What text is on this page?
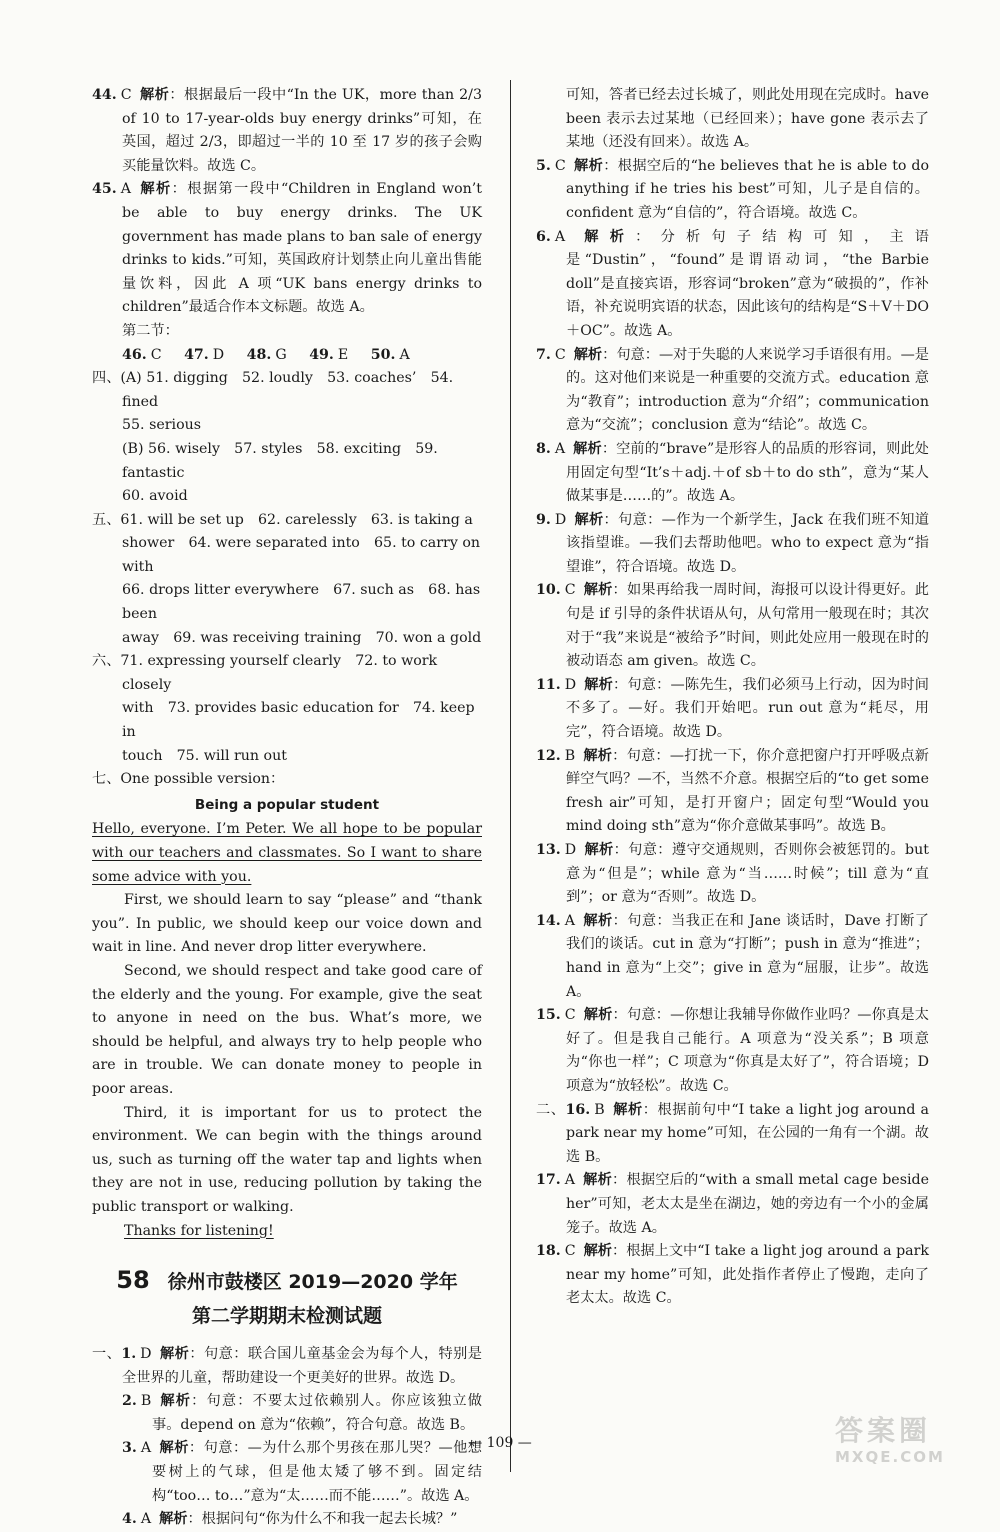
44. C 解析：根据最后一段中“In the UK，more than 2/3 of 10 to 17-year-olds buy energy drinks”可知，在英国，超过 2/3，即超过一半的 10 至 17 岁的孩子会购买能量饮料。故选 C。
45. A 解析：根据第一段中“Children in England won’t be able to buy energy drinks. The UK government has made plans to ban sale of energy drinks to kids.”可知，英国政府计划禁止向儿童出售能量饮料，因此 A 项“UK bans energy drinks to children”最适合作本文标题。故选 A。
第二节：
46. C 47. D 48. G 49. E 50. A
四、(A) 51. digging　52. loudly　53. coaches’　54. fined
55. serious
(B) 56. wisely　57. styles　58. exciting　59. fantastic
60. avoid
五、61. will be set up　62. carelessly　63. is taking a
shower　64. were separated into　65. to carry on with
66. drops litter everywhere　67. such as　68. has been
away　69. was receiving training　70. won a gold
六、71. expressing yourself clearly　72. to work closely
with　73. provides basic education for　74. keep in
touch　75. will run out
七、One possible version：
Being a popular student
Hello, everyone. I’m Peter. We all hope to be popular with our teachers and classmates. So I want to share some advice with you.
First, we should learn to say “please” and “thank you”. In public, we should keep our voice down and wait in line. And never drop litter everywhere.
Second, we should respect and take good care of the elderly and the young. For example, give the seat to anyone in need on the bus. What’s more, we should be helpful, and always try to help people who are in trouble. We can donate money to people in poor areas.
Third, it is important for us to protect the environment. We can begin with the things around us, such as turning off the water tap and lights when they are not in use, reducing pollution by taking the public transport or walking.
Thanks for listening!
58 徐州市鼓楼区 2019—2020 学年
第二学期期末检测试题
一、1. D 解析：句意：联合国儿童基金会为每个人，特别是全世界的儿童，帮助建设一个更美好的世界。故选 D。
2. B 解析：句意：不要太过依赖别人。你应该独立做事。depend on 意为“依赖”，符合句意。故选 B。
3. A 解析：句意：—为什么那个男孩在那儿哭？—他想要树上的气球，但是他太矮了够不到。固定结构“too… to…”意为“太……而不能……”。故选 A。
4. A 解析：根据问句“你为什么不和我一起去长城？”
可知，答者已经去过长城了，则此处用现在完成时。have been 表示去过某地（已经回来）；have gone 表示去了某地（还没有回来）。故选 A。
5. C 解析：根据空后的“he believes that he is able to do anything if he tries his best”可知，儿子是自信的。confident 意为“自信的”，符合语境。故选 C。
6. A 解析：分析句子结构可知，主语是“Dustin”，“found”是谓语动词，“the Barbie doll”是直接宾语，形容词“broken”意为“破损的”，作补语，补充说明宾语的状态，因此该句的结构是“S＋V＋DO＋OC”。故选 A。
7. C 解析：句意：—对于失聪的人来说学习手语很有用。—是的。这对他们来说是一种重要的交流方式。education 意为“教育”；introduction 意为“介绍”；communication 意为“交流”；conclusion 意为“结论”。故选 C。
8. A 解析：空前的“brave”是形容人的品质的形容词，则此处用固定句型“It’s＋adj.＋of sb＋to do sth”，意为“某人做某事是……的”。故选 A。
9. D 解析：句意：—作为一个新学生，Jack 在我们班不知道该指望谁。—我们去帮助他吧。who to expect 意为“指望谁”，符合语境。故选 D。
10. C 解析：如果再给我一周时间，海报可以设计得更好。此句是 if 引导的条件状语从句，从句常用一般现在时；其次对于“我”来说是“被给予”时间，则此处应用一般现在时的被动语态 am given。故选 C。
11. D 解析：句意：—陈先生，我们必须马上行动，因为时间不多了。—好。我们开始吧。run out 意为“耗尽，用完”，符合语境。故选 D。
12. B 解析：句意：—打扰一下，你介意把窗户打开呼吸点新鲜空气吗？—不，当然不介意。根据空后的“to get some fresh air”可知，是打开窗户；固定句型“Would you mind doing sth”意为“你介意做某事吗”。故选 B。
13. D 解析：句意：遵守交通规则，否则你会被惩罚的。but 意为“但是”；while 意为“当……时候”；till 意为“直到”；or 意为“否则”。故选 D。
14. A 解析：句意：当我正在和 Jane 谈话时，Dave 打断了我们的谈话。cut in 意为“打断”；push in 意为“推进”；hand in 意为“上交”；give in 意为“屈服，让步”。故选 A。
15. C 解析：句意：—你想让我辅导你做作业吗？—你真是太好了。但是我自己能行。A 项意为“没关系”；B 项意为“你也一样”；C 项意为“你真是太好了”，符合语境；D 项意为“放轻松”。故选 C。
二、16. B 解析：根据前句中“I take a light jog around a park near my home”可知，在公园的一角有一个湖。故选 B。
17. A 解析：根据空后的“with a small metal cage beside her”可知，老太太是坐在湖边，她的旁边有一个小的金属笼子。故选 A。
18. C 解析：根据上文中“I take a light jog around a park near my home”可知，此处指作者停止了慢跑，走向了老太太。故选 C。
— 109 —	答案圈
MXQE.COM
